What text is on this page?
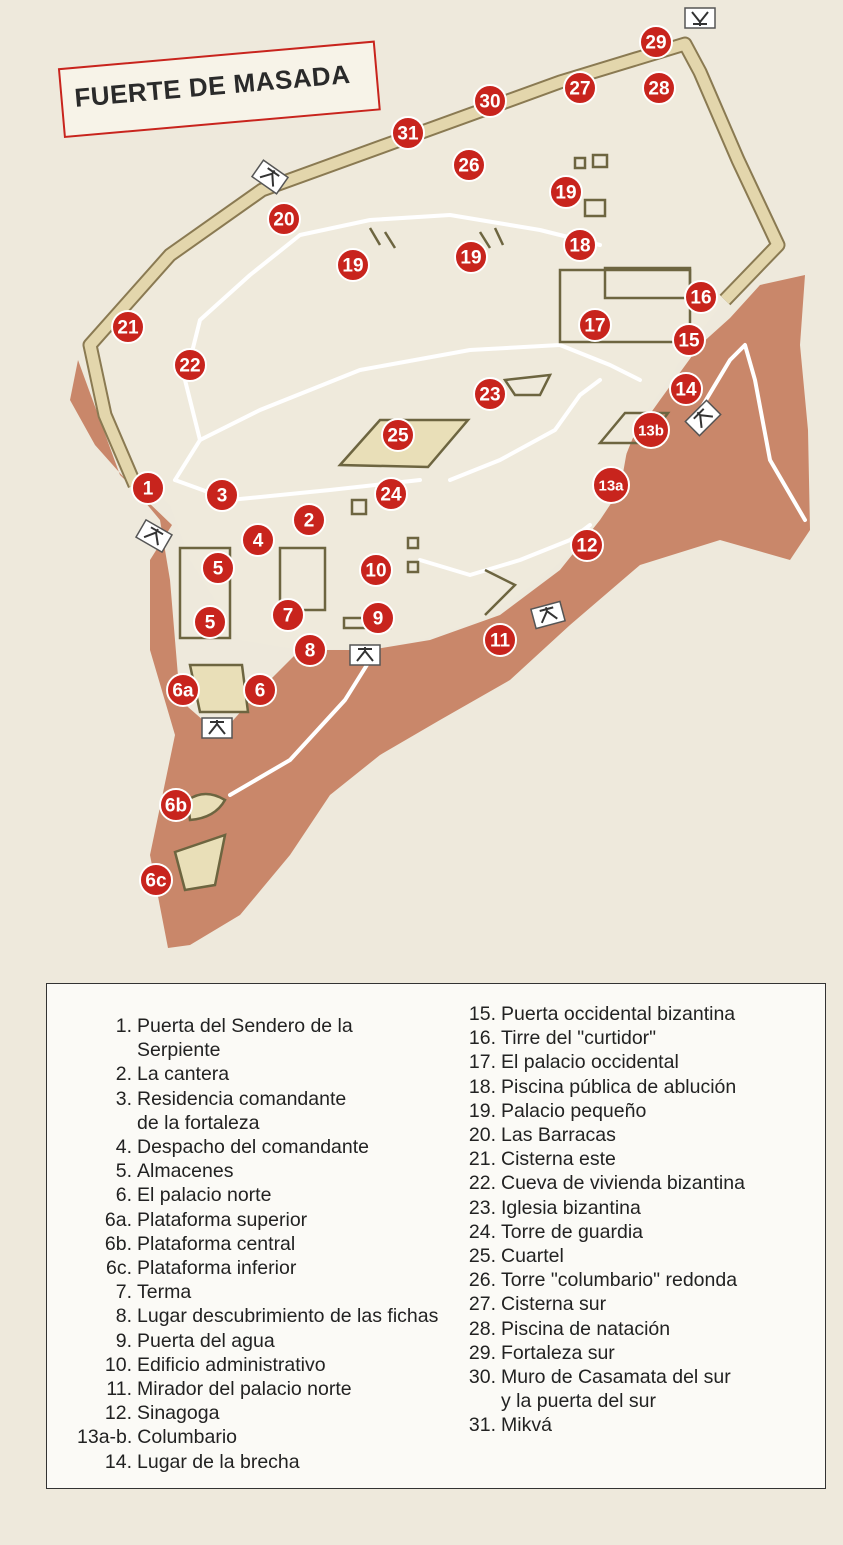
1
2
3
4
5
5
6
6a
6b
6c
7
8
9
10
11
12
13a
13b
14
15
16
17
18
19
19	19
20
21
22
23
24
25
26
27	28
29
30
31
FUERTE DE MASADA
1. Puerta del Sendero de la
Serpiente
2. La cantera
3. Residencia comandante
de la fortaleza
4. Despacho del comandante
5. Almacenes
6. El palacio norte
6a. Plataforma superior
6b. Plataforma central
6c. Plataforma inferior
7. Terma
8. Lugar descubrimiento de las fichas
9. Puerta del agua
10. Edificio administrativo
11. Mirador del palacio norte
12. Sinagoga
13a-b. Columbario
14. Lugar de la brecha
15. Puerta occidental bizantina
16. Tirre del "curtidor"
17. El palacio occidental
18. Piscina pública de ablución
19. Palacio pequeño
20. Las Barracas
21. Cisterna este
22. Cueva de vivienda bizantina
23. Iglesia bizantina
24. Torre de guardia
25. Cuartel
26. Torre "columbario" redonda
27. Cisterna sur
28. Piscina de natación
29. Fortaleza sur
30. Muro de Casamata del sur
y la puerta del sur
31. Mikvá
